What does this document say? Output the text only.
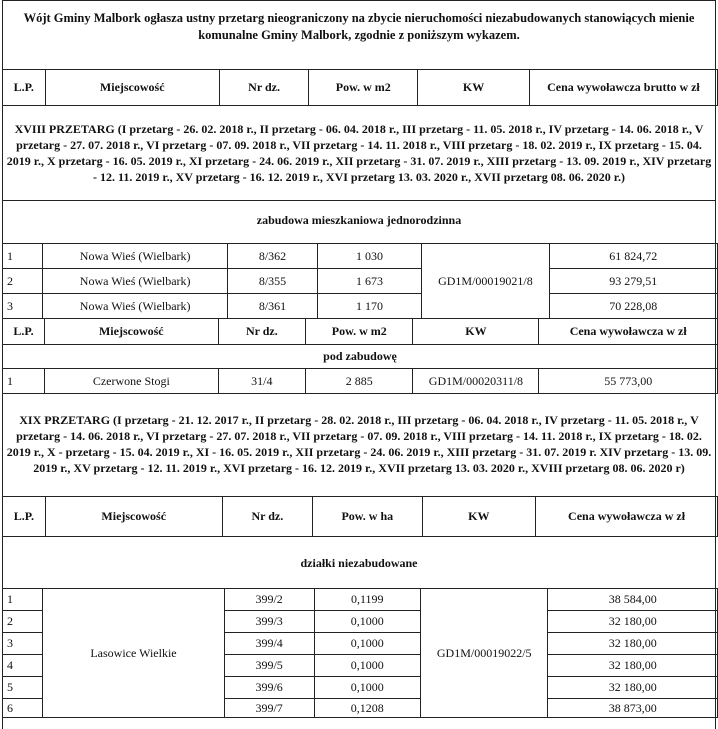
Wójt Gminy Malbork ogłasza ustny przetarg nieograniczony na zbycie nieruchomości niezabudowanych stanowiących mienie komunalne Gminy Malbork, zgodnie z poniższym wykazem.
L.P.	Miejscowość	Nr dz.	Pow. w m2	KW	Cena wywoławcza brutto w zł
XVIII PRZETARG (I przetarg - 26. 02. 2018 r., II przetarg - 06. 04. 2018 r., III przetarg - 11. 05. 2018 r., IV przetarg - 14. 06. 2018 r., V przetarg - 27. 07. 2018 r., VI przetarg - 07. 09. 2018 r., VII przetarg - 14. 11. 2018 r., VIII przetarg - 18. 02. 2019 r., IX przetarg - 15. 04. 2019 r., X przetarg - 16. 05. 2019 r., XI przetarg - 24. 06. 2019 r., XII przetarg - 31. 07. 2019 r., XIII przetarg - 13. 09. 2019 r., XIV przetarg - 12. 11. 2019 r., XV przetarg - 16. 12. 2019 r., XVI przetarg 13. 03. 2020 r., XVII przetarg 08. 06. 2020 r.)
zabudowa mieszkaniowa jednorodzinna
1	Nowa Wieś (Wielbark)	8/362	1 030	GD1M/00019021/8	61 824,72
2	Nowa Wieś (Wielbark)	8/355	1 673		93 279,51
3	Nowa Wieś (Wielbark)	8/361	1 170		70 228,08
L.P.	Miejscowość	Nr dz.	Pow. w m2	KW	Cena wywoławcza w zł
pod zabudowę					
1	Czerwone Stogi	31/4	2 885	GD1M/00020311/8	55 773,00
XIX PRZETARG (I przetarg - 21. 12. 2017 r., II przetarg - 28. 02. 2018 r., III przetarg - 06. 04. 2018 r., IV przetarg - 11. 05. 2018 r., V przetarg - 14. 06. 2018 r., VI przetarg - 27. 07. 2018 r., VII przetarg - 07. 09. 2018 r., VIII przetarg - 14. 11. 2018 r., IX przetarg - 18. 02. 2019 r., X - przetarg - 15. 04. 2019 r., XI - 16. 05. 2019 r., XII przetarg - 24. 06. 2019 r., XIII przetarg - 31. 07. 2019 r. XIV przetarg - 13. 09. 2019 r., XV przetarg - 12. 11. 2019 r., XVI przetarg - 16. 12. 2019 r., XVII przetarg 13. 03. 2020 r., XVIII przetarg 08. 06. 2020 r)
L.P.	Miejscowość	Nr dz.	Pow. w ha	KW	Cena wywoławcza w zł
działki niezabudowane
1	Lasowice Wielkie	399/2	0,1199	GD1M/00019022/5	38 584,00
2		399/3	0,1000		32 180,00
3		399/4	0,1000		32 180,00
4		399/5	0,1000		32 180,00
5		399/6	0,1000		32 180,00
6		399/7	0,1208		38 873,00
